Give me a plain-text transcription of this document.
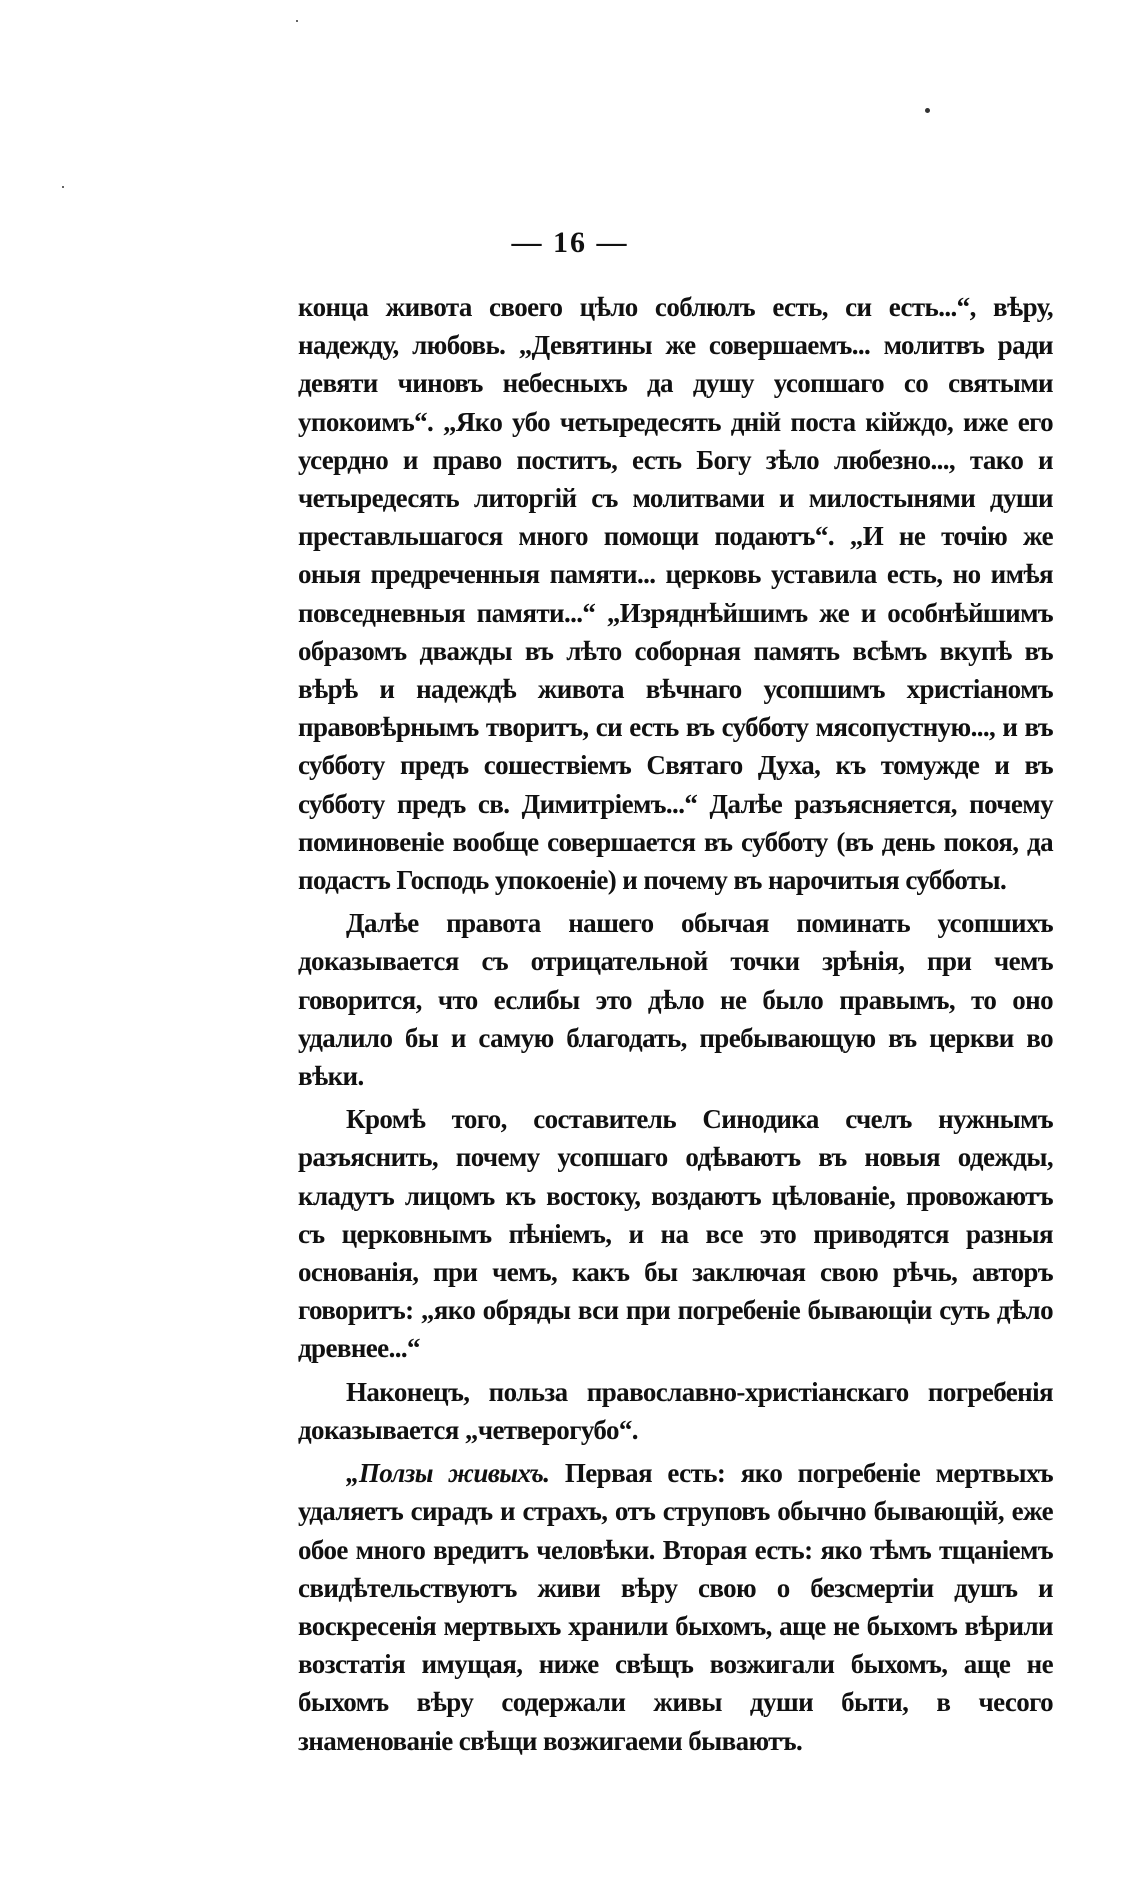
— 16 —

конца живота своего цѣло соблюлъ есть, си есть...“, вѣру, надежду, любовь. „Девятины же совершаемъ... молитвъ ради девяти чиновъ небесныхъ да душу усопшаго со святыми упокоимъ“. „Яко убо четыредесять днiй поста кiйждо, иже его усердно и право поститъ, есть Богу зѣло любезно..., тако и четыредесять литоргiй съ молитвами и милостынями души преставльшагося много помощи подаютъ“. „И не точiю же оныя предреченныя памяти... церковь уставила есть, но имѣя повседневныя памяти...“ „Изряднѣйшимъ же и особнѣйшимъ образомъ дважды въ лѣто соборная память всѣмъ вкупѣ въ вѣрѣ и надеждѣ живота вѣчнаго усопшимъ христiаномъ правовѣрнымъ творитъ, си есть въ субботу мясопустную..., и въ субботу предъ сошествiемъ Святаго Духа, къ томужде и въ субботу предъ св. Димитрiемъ...“ Далѣе разъясняется, почему поминовенiе вообще совершается въ субботу (въ день покоя, да подастъ Господь упокоенiе) и почему въ нарочитыя субботы.

Далѣе правота нашего обычая поминать усопшихъ доказывается съ отрицательной точки зрѣнiя, при чемъ говорится, что еслибы это дѣло не было правымъ, то оно удалило бы и самую благодать, пребывающую въ церкви во вѣки.

Кромѣ того, составитель Синодика счелъ нужнымъ разъяснить, почему усопшаго одѣваютъ въ новыя одежды, кладутъ лицомъ къ востоку, воздаютъ цѣлованiе, провожаютъ съ церковнымъ пѣнiемъ, и на все это приводятся разныя основанiя, при чемъ, какъ бы заключая свою рѣчь, авторъ говоритъ: „яко обряды вси при погребенiе бывающiи суть дѣло древнее...“

Наконецъ, польза православно-христiанскаго погребенiя доказывается „четверогубо“.

„Ползы живыхъ. Первая есть: яко погребенiе мертвыхъ удаляетъ сирадъ и страхъ, отъ струповъ обычно бывающiй, еже обое много вредитъ человѣки. Вторая есть: яко тѣмъ тщанiемъ свидѣтельствуютъ живи вѣру свою о безсмертiи душъ и воскресенiя мертвыхъ хранили быхомъ, аще не быхомъ вѣрили возстатiя имущая, ниже свѣщъ возжигали быхомъ, аще не быхомъ вѣру содержали живы души быти, в чесого знаменованiе свѣщи возжигаеми бываютъ.
